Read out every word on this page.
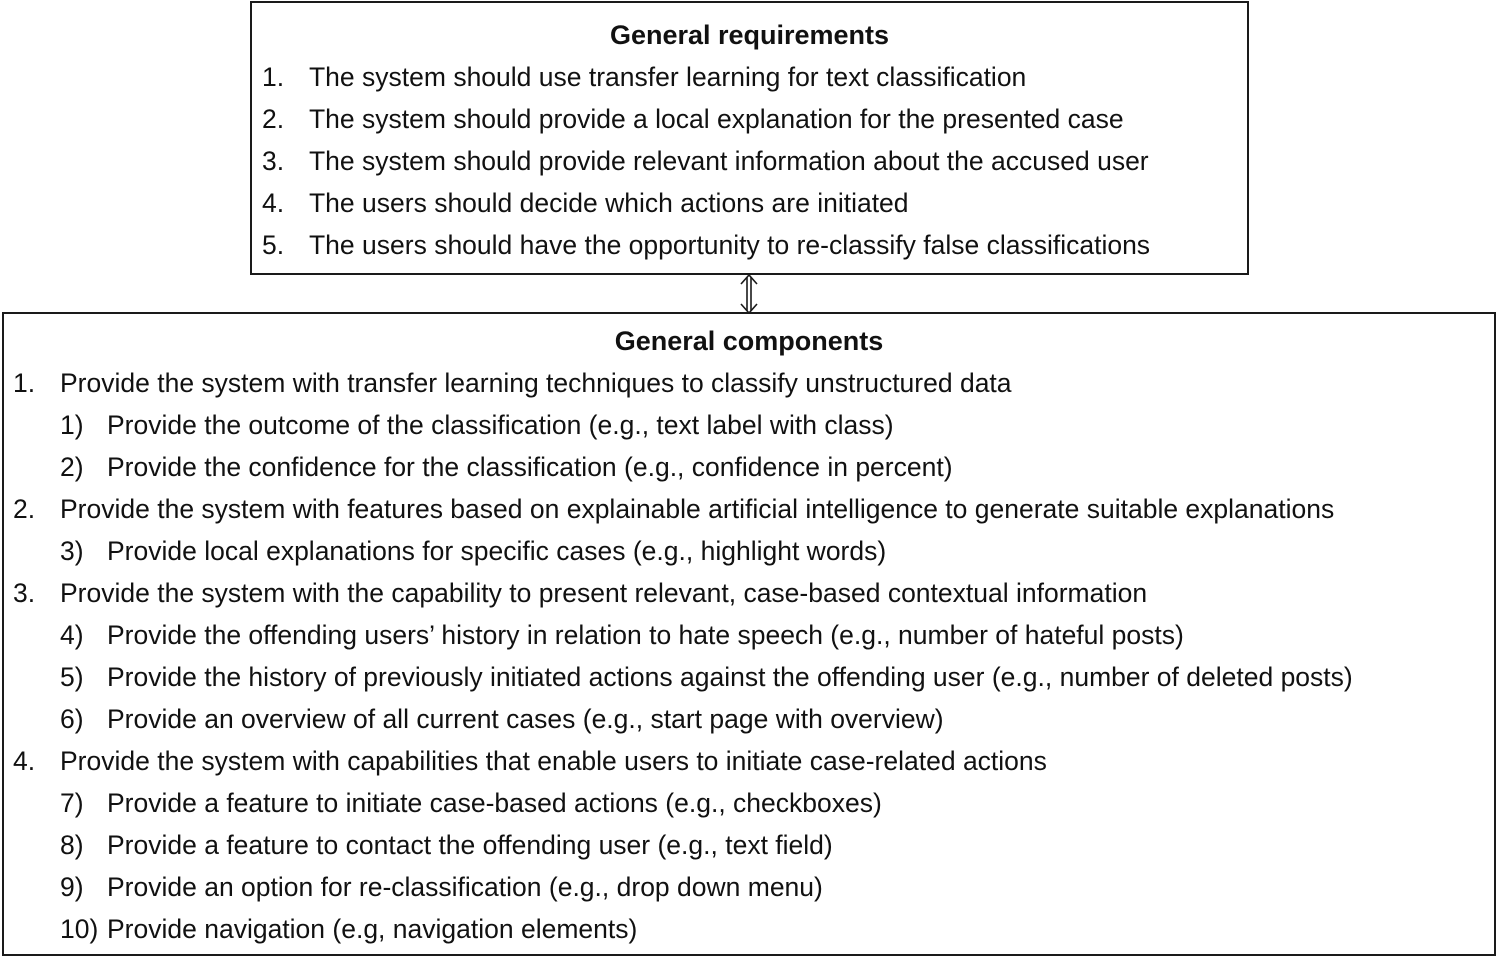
General requirements
1. The system should use transfer learning for text classification
2. The system should provide a local explanation for the presented case
3. The system should provide relevant information about the accused user
4. The users should decide which actions are initiated
5. The users should have the opportunity to re-classify false classifications
General components
1. Provide the system with transfer learning techniques to classify unstructured data
1) Provide the outcome of the classification (e.g., text label with class)
2) Provide the confidence for the classification (e.g., confidence in percent)
2. Provide the system with features based on explainable artificial intelligence to generate suitable explanations
3) Provide local explanations for specific cases (e.g., highlight words)
3. Provide the system with the capability to present relevant, case-based contextual information
4) Provide the offending users’ history in relation to hate speech (e.g., number of hateful posts)
5) Provide the history of previously initiated actions against the offending user (e.g., number of deleted posts)
6) Provide an overview of all current cases (e.g., start page with overview)
4. Provide the system with capabilities that enable users to initiate case-related actions
7) Provide a feature to initiate case-based actions (e.g., checkboxes)
8) Provide a feature to contact the offending user (e.g., text field)
9) Provide an option for re-classification (e.g., drop down menu)
10) Provide navigation (e.g, navigation elements)
